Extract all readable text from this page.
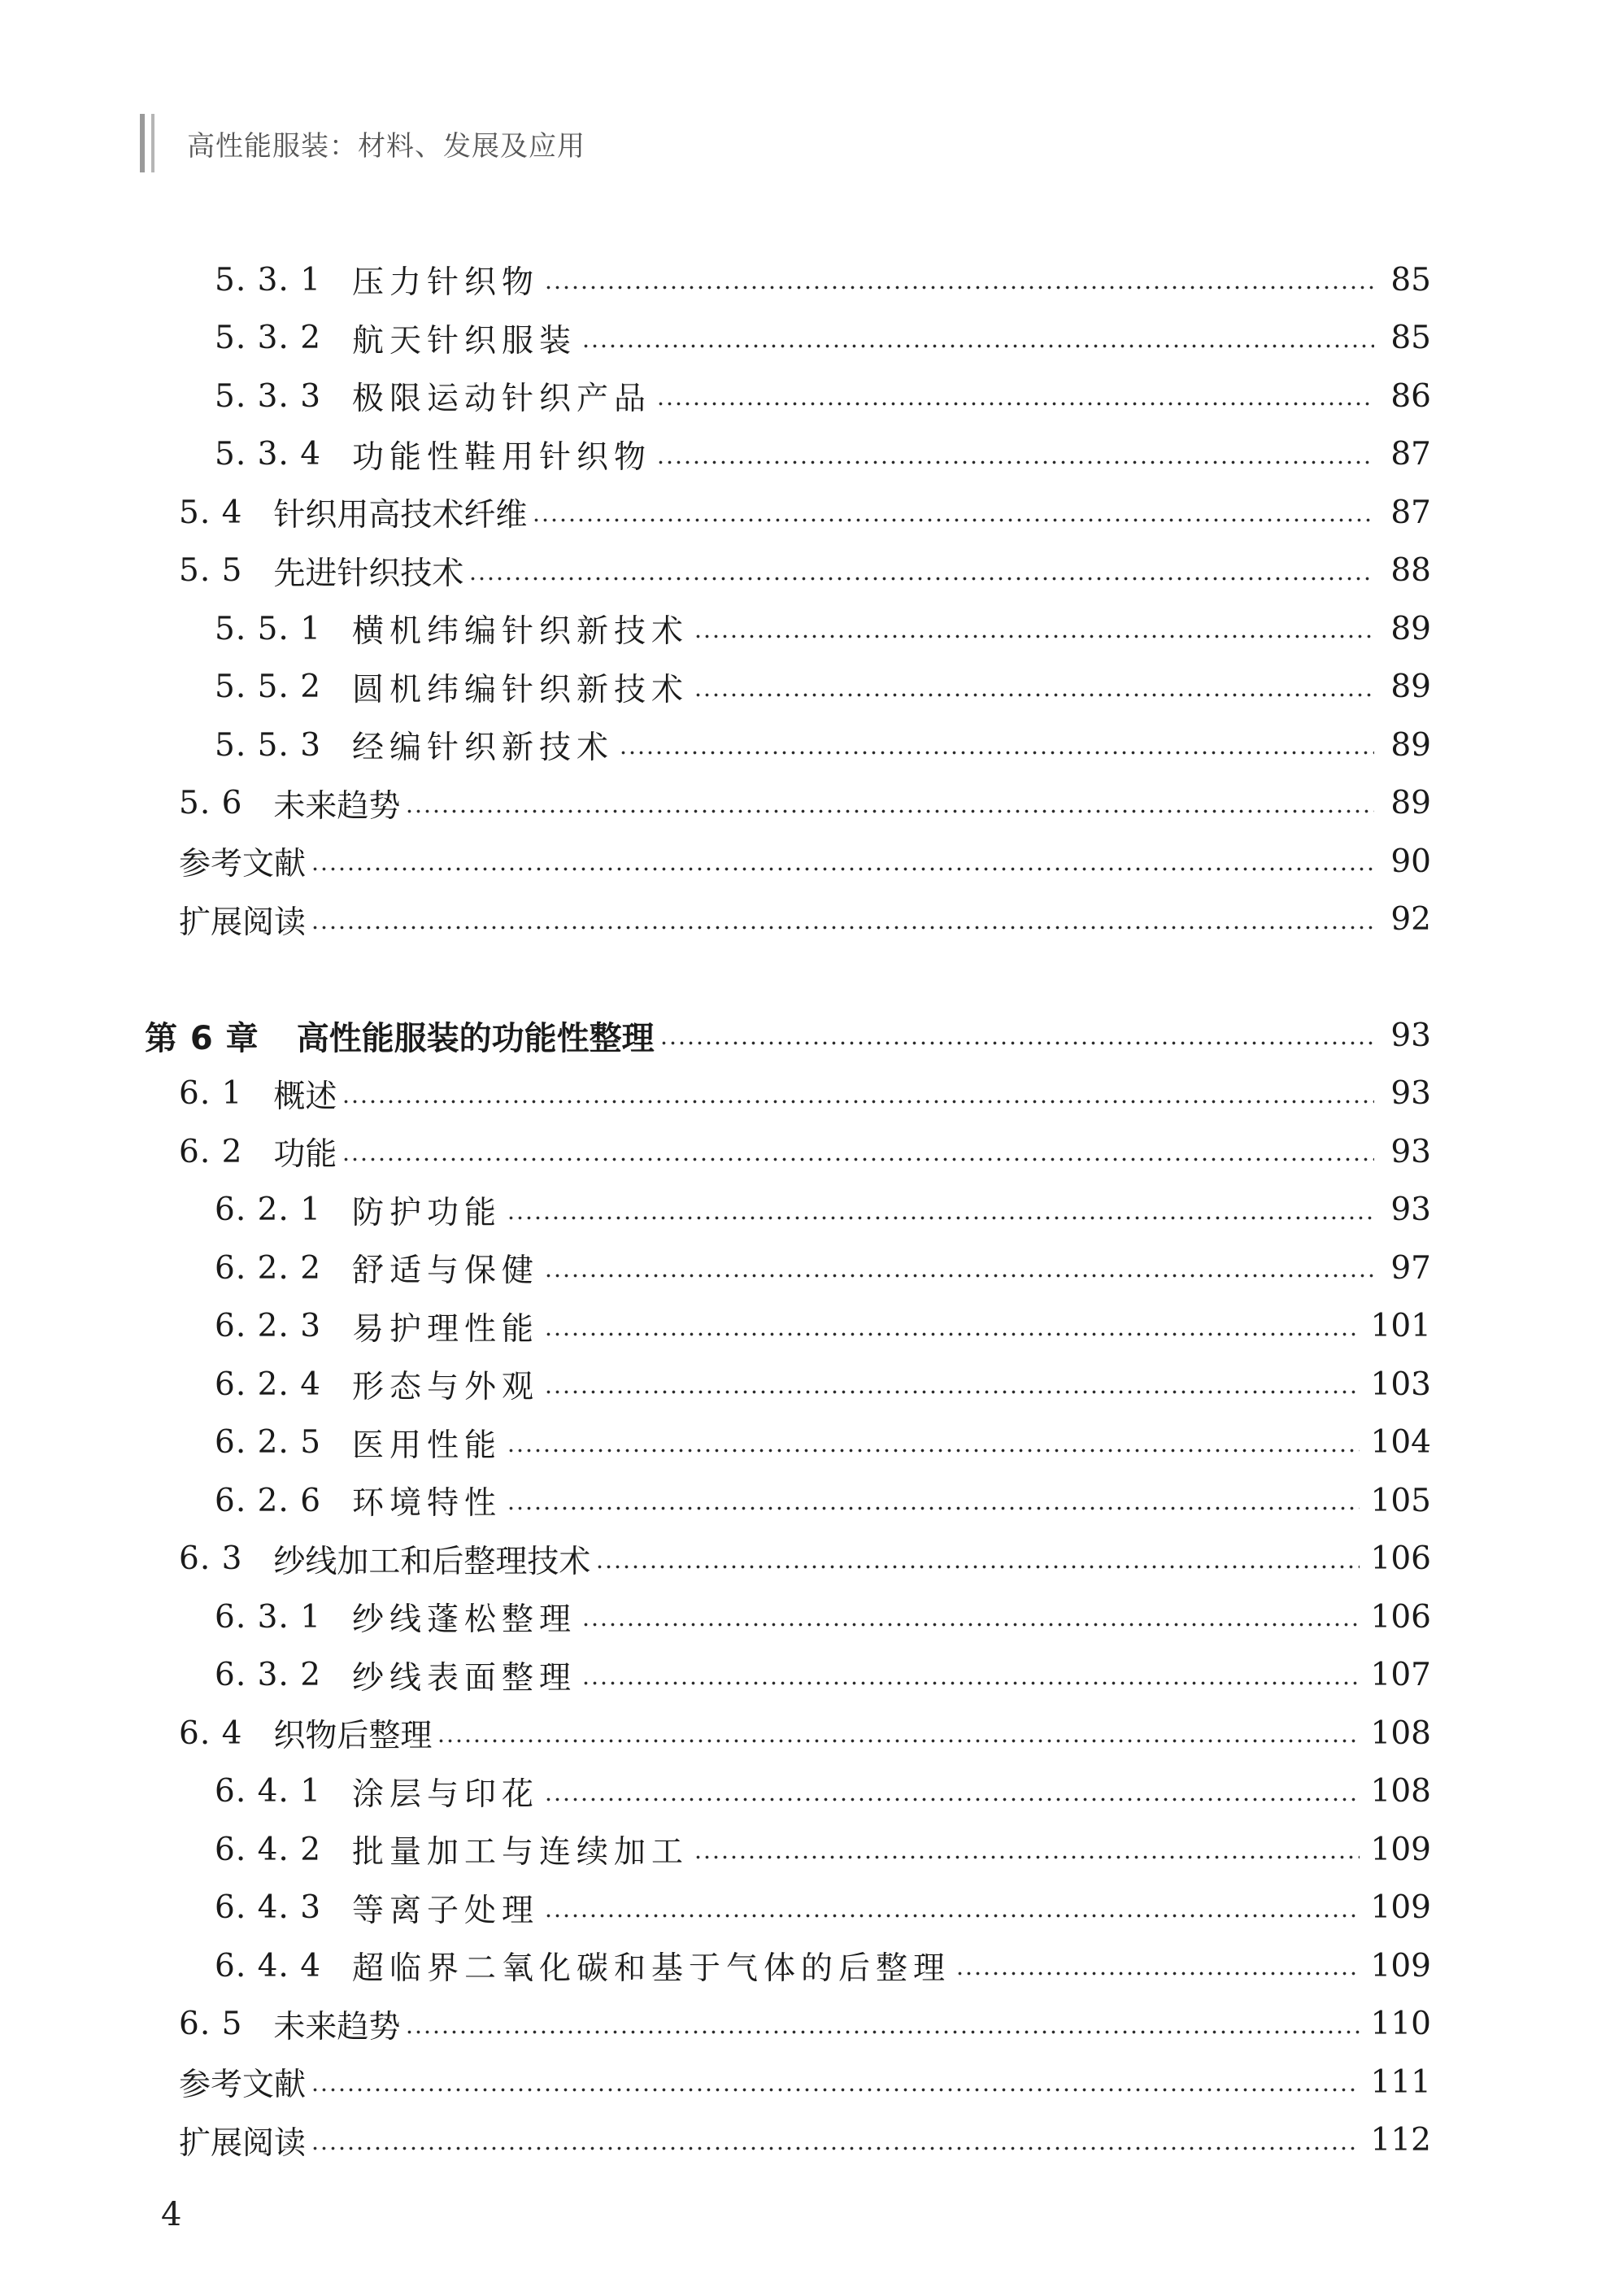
高性能服装：材料、发展及应用
5. 3. 1 压力针织物	85
5. 3. 2 航天针织服装	85
5. 3. 3 极限运动针织产品	86
5. 3. 4 功能性鞋用针织物	87
5. 4 针织用高技术纤维	87
5. 5 先进针织技术	88
5. 5. 1 横机纬编针织新技术	89
5. 5. 2 圆机纬编针织新技术	89
5. 5. 3 经编针织新技术	89
5. 6 未来趋势	89
参考文献	90
扩展阅读	92
第 6 章 高性能服装的功能性整理	93
6. 1 概述	93
6. 2 功能	93
6. 2. 1 防护功能	93
6. 2. 2 舒适与保健	97
6. 2. 3 易护理性能	101
6. 2. 4 形态与外观	103
6. 2. 5 医用性能	104
6. 2. 6 环境特性	105
6. 3 纱线加工和后整理技术	106
6. 3. 1 纱线蓬松整理	106
6. 3. 2 纱线表面整理	107
6. 4 织物后整理	108
6. 4. 1 涂层与印花	108
6. 4. 2 批量加工与连续加工	109
6. 4. 3 等离子处理	109
6. 4. 4 超临界二氧化碳和基于气体的后整理	109
6. 5 未来趋势	110
参考文献	111
扩展阅读	112
4
